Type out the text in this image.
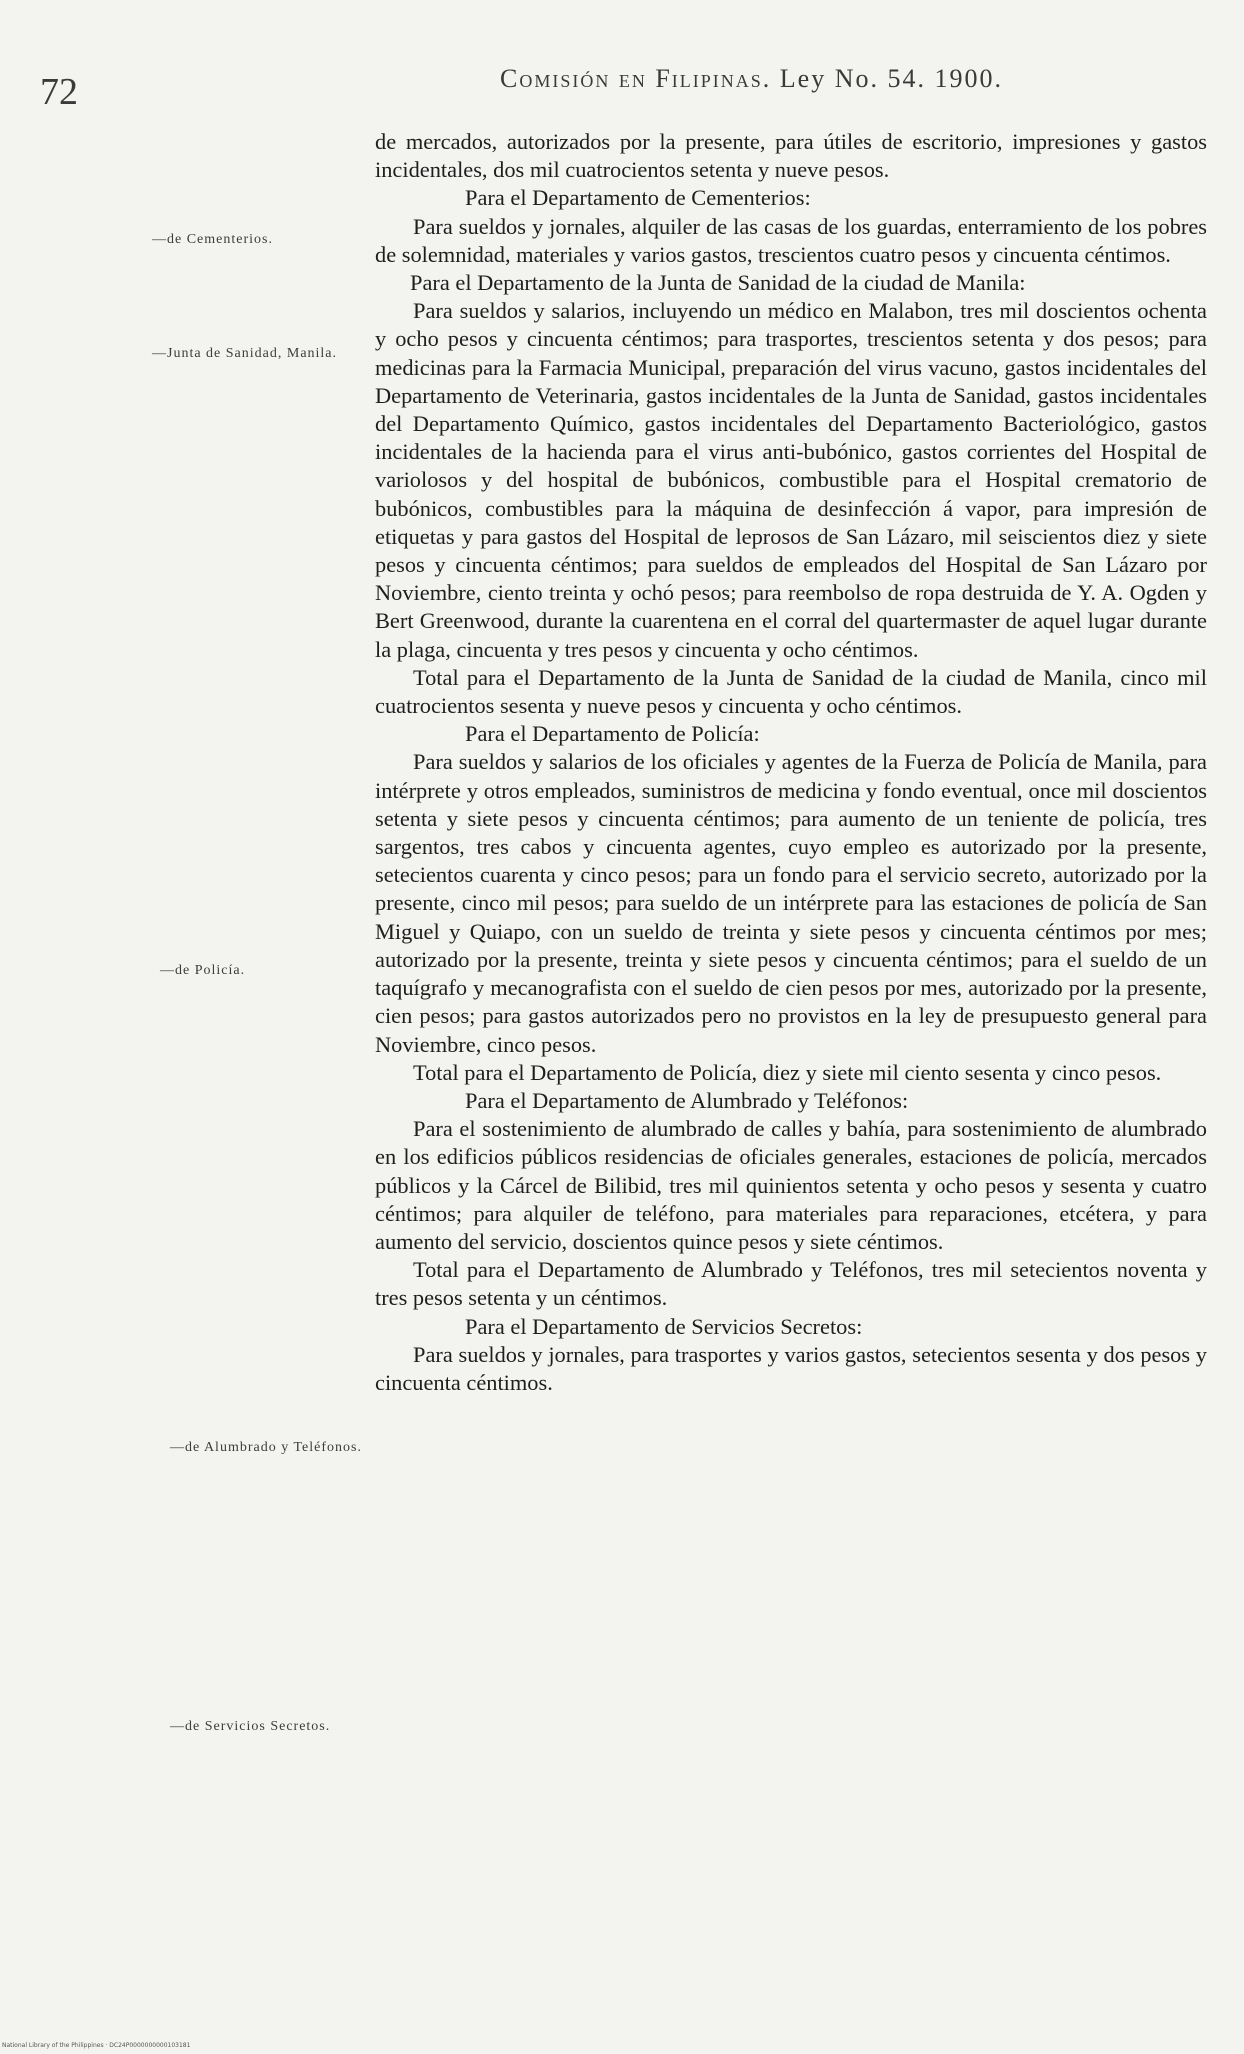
72	Comisión en Filipinas. Ley No. 54. 1900.
—de Cementerios.
—Junta de Sanidad, Manila.
—de Policía.
—de Alumbrado y Teléfonos.
—de Servicios Secretos.

de mercados, autorizados por la presente, para útiles de escritorio, impresiones y gastos incidentales, dos mil cuatrocientos setenta y nueve pesos.

Para el Departamento de Cementerios:

Para sueldos y jornales, alquiler de las casas de los guardas, enterramiento de los pobres de solemnidad, materiales y varios gastos, trescientos cuatro pesos y cincuenta céntimos.

Para el Departamento de la Junta de Sanidad de la ciudad de Manila:

Para sueldos y salarios, incluyendo un médico en Malabon, tres mil doscientos ochenta y ocho pesos y cincuenta céntimos; para trasportes, trescientos setenta y dos pesos; para medicinas para la Farmacia Municipal, preparación del virus vacuno, gastos incidentales del Departamento de Veterinaria, gastos incidentales de la Junta de Sanidad, gastos incidentales del Departamento Químico, gastos incidentales del Departamento Bacteriológico, gastos incidentales de la hacienda para el virus anti-bubónico, gastos corrientes del Hospital de variolosos y del hospital de bubónicos, combustible para el Hospital crematorio de bubónicos, combustibles para la máquina de desinfección á vapor, para impresión de etiquetas y para gastos del Hospital de leprosos de San Lázaro, mil seiscientos diez y siete pesos y cincuenta céntimos; para sueldos de empleados del Hospital de San Lázaro por Noviembre, ciento treinta y ochó pesos; para reembolso de ropa destruida de Y. A. Ogden y Bert Greenwood, durante la cuarentena en el corral del quartermaster de aquel lugar durante la plaga, cincuenta y tres pesos y cincuenta y ocho céntimos.

Total para el Departamento de la Junta de Sanidad de la ciudad de Manila, cinco mil cuatrocientos sesenta y nueve pesos y cincuenta y ocho céntimos.

Para el Departamento de Policía:

Para sueldos y salarios de los oficiales y agentes de la Fuerza de Policía de Manila, para intérprete y otros empleados, suministros de medicina y fondo eventual, once mil doscientos setenta y siete pesos y cincuenta céntimos; para aumento de un teniente de policía, tres sargentos, tres cabos y cincuenta agentes, cuyo empleo es autorizado por la presente, setecientos cuarenta y cinco pesos; para un fondo para el servicio secreto, autorizado por la presente, cinco mil pesos; para sueldo de un intérprete para las estaciones de policía de San Miguel y Quiapo, con un sueldo de treinta y siete pesos y cincuenta céntimos por mes; autorizado por la presente, treinta y siete pesos y cincuenta céntimos; para el sueldo de un taquígrafo y mecanografista con el sueldo de cien pesos por mes, autorizado por la presente, cien pesos; para gastos autorizados pero no provistos en la ley de presupuesto general para Noviembre, cinco pesos.

Total para el Departamento de Policía, diez y siete mil ciento sesenta y cinco pesos.

Para el Departamento de Alumbrado y Teléfonos:

Para el sostenimiento de alumbrado de calles y bahía, para sostenimiento de alumbrado en los edificios públicos residencias de oficiales generales, estaciones de policía, mercados públicos y la Cárcel de Bilibid, tres mil quinientos setenta y ocho pesos y sesenta y cuatro céntimos; para alquiler de teléfono, para materiales para reparaciones, etcétera, y para aumento del servicio, doscientos quince pesos y siete céntimos.

Total para el Departamento de Alumbrado y Teléfonos, tres mil setecientos noventa y tres pesos setenta y un céntimos.

Para el Departamento de Servicios Secretos:

Para sueldos y jornales, para trasportes y varios gastos, setecientos sesenta y dos pesos y cincuenta céntimos.

National Library of the Philippines · DC24P0000000000103181
